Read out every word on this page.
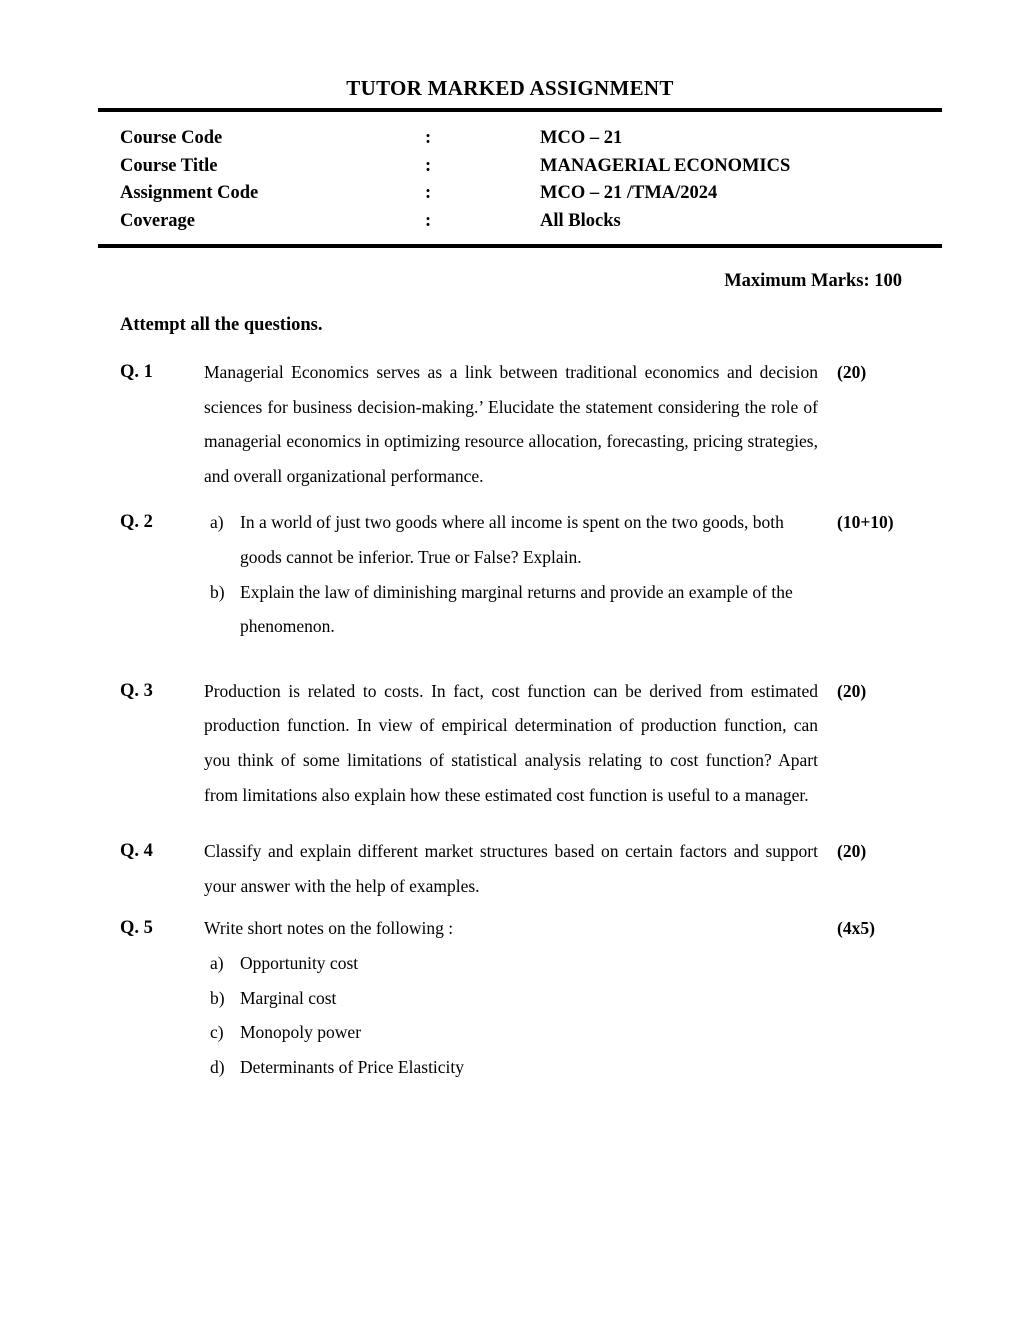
TUTOR MARKED ASSIGNMENT
Course Code	:	MCO – 21
Course Title	:	MANAGERIAL ECONOMICS
Assignment Code	:	MCO – 21 /TMA/2024
Coverage	:	All Blocks
Maximum Marks: 100
Attempt all the questions.
Q. 1	Managerial Economics serves as a link between traditional economics and decision sciences for business decision-making.’ Elucidate the statement considering the role of managerial economics in optimizing resource allocation, forecasting, pricing strategies, and overall organizational performance.
(20)
Q. 2	a) In a world of just two goods where all income is spent on the two goods, both goods cannot be inferior. True or False? Explain.
b) Explain the law of diminishing marginal returns and provide an example of the phenomenon.
(10+10)
Q. 3	Production is related to costs. In fact, cost function can be derived from estimated production function. In view of empirical determination of production function, can you think of some limitations of statistical analysis relating to cost function? Apart from limitations also explain how these estimated cost function is useful to a manager.
(20)
Q. 4	Classify and explain different market structures based on certain factors and support your answer with the help of examples.
(20)
Q. 5	Write short notes on the following :
a) Opportunity cost
b) Marginal cost
c) Monopoly power
d) Determinants of Price Elasticity
(4x5)
